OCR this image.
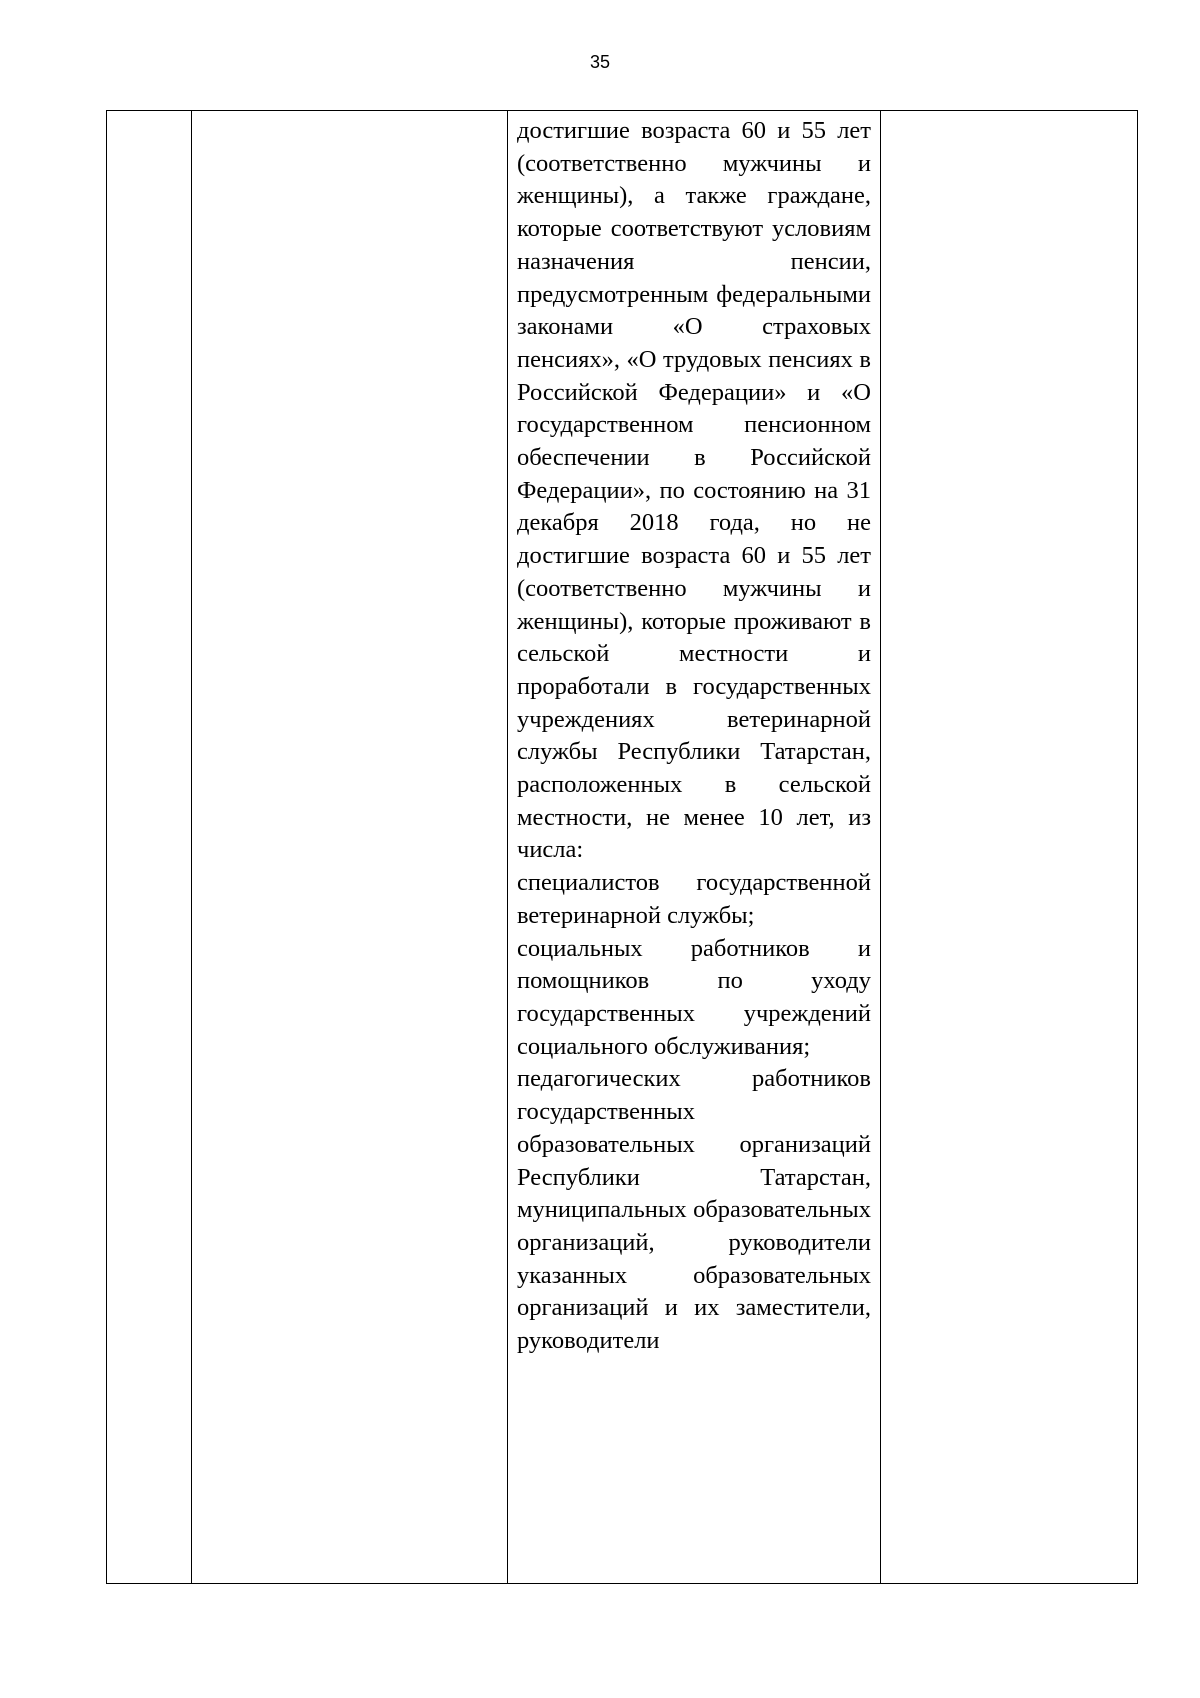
35

достигшие возраста 60 и 55 лет (соответственно мужчины и женщины), а также граждане, которые соответствуют условиям назначения пенсии, предусмотренным федеральными законами «О страховых пенсиях», «О трудовых пенсиях в Российской Федерации» и «О государственном пенсионном обеспечении в Российской Федерации», по состоянию на 31 декабря 2018 года, но не достигшие возраста 60 и 55 лет (соответственно мужчины и женщины), которые проживают в сельской местности и проработали в государственных учреждениях ветеринарной службы Республики Татарстан, расположенных в сельской местности, не менее 10 лет, из числа:

специалистов государственной ветеринарной службы;

социальных работников и помощников по уходу государственных учреждений социального обслуживания;

педагогических работников государственных образовательных организаций Республики Татарстан, муниципальных образовательных организаций, руководители указанных образовательных организаций и их заместители, руководители
